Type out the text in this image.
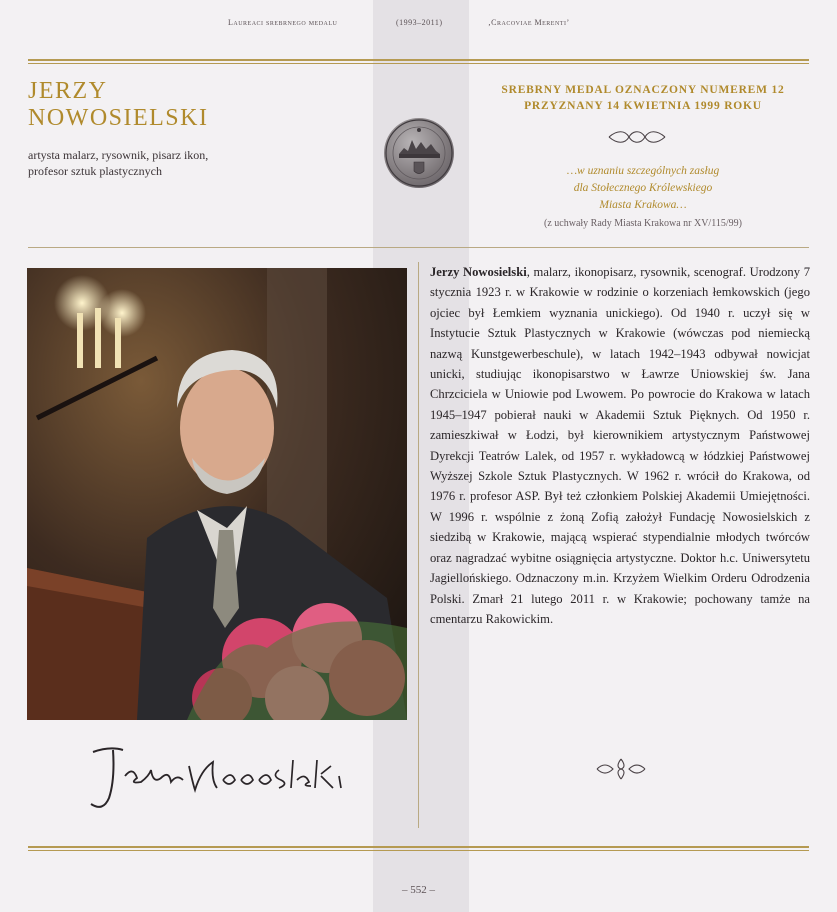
Laureaci srebrnego medalu	(1993–2011)	‚Cracoviae Merenti’
JERZY
NOWOSIELSKI
artysta malarz, rysownik, pisarz ikon,
profesor sztuk plastycznych
SREBRNY MEDAL OZNACZONY NUMEREM 12
PRZYZNANY 14 KWIETNIA 1999 ROKU
…w uznaniu szczególnych zasług
dla Stołecznego Królewskiego
Miasta Krakowa…
(z uchwały Rady Miasta Krakowa nr XV/115/99)

Jerzy Nowosielski, malarz, ikonopisarz, rysownik, scenograf. Urodzony 7 stycznia 1923 r. w Krakowie w rodzinie o korzeniach łemkowskich (jego ojciec był Łemkiem wyznania unickiego). Od 1940 r. uczył się w Instytucie Sztuk Plastycznych w Krakowie (wówczas pod niemiecką nazwą Kunstgewerbeschule), w latach 1942–1943 odbywał nowicjat unicki, studiując ikonopisarstwo w Ławrze Uniowskiej św. Jana Chrzciciela w Uniowie pod Lwowem. Po powrocie do Krakowa w latach 1945–1947 pobierał nauki w Akademii Sztuk Pięknych. Od 1950 r. zamieszkiwał w Łodzi, był kierownikiem artystycznym Państwowej Dyrekcji Teatrów Lalek, od 1957 r. wykładowcą w łódzkiej Państwowej Wyższej Szkole Sztuk Plastycznych. W 1962 r. wrócił do Krakowa, od 1976 r. profesor ASP. Był też członkiem Polskiej Akademii Umiejętności. W 1996 r. wspólnie z żoną Zofią założył Fundację Nowosielskich z siedzibą w Krakowie, mającą wspierać stypendialnie młodych twórców oraz nagradzać wybitne osiągnięcia artystyczne. Doktor h.c. Uniwersytetu Jagiellońskiego. Odznaczony m.in. Krzyżem Wielkim Orderu Odrodzenia Polski. Zmarł 21 lutego 2011 r. w Krakowie; pochowany tamże na cmentarzu Rakowickim.

– 552 –
